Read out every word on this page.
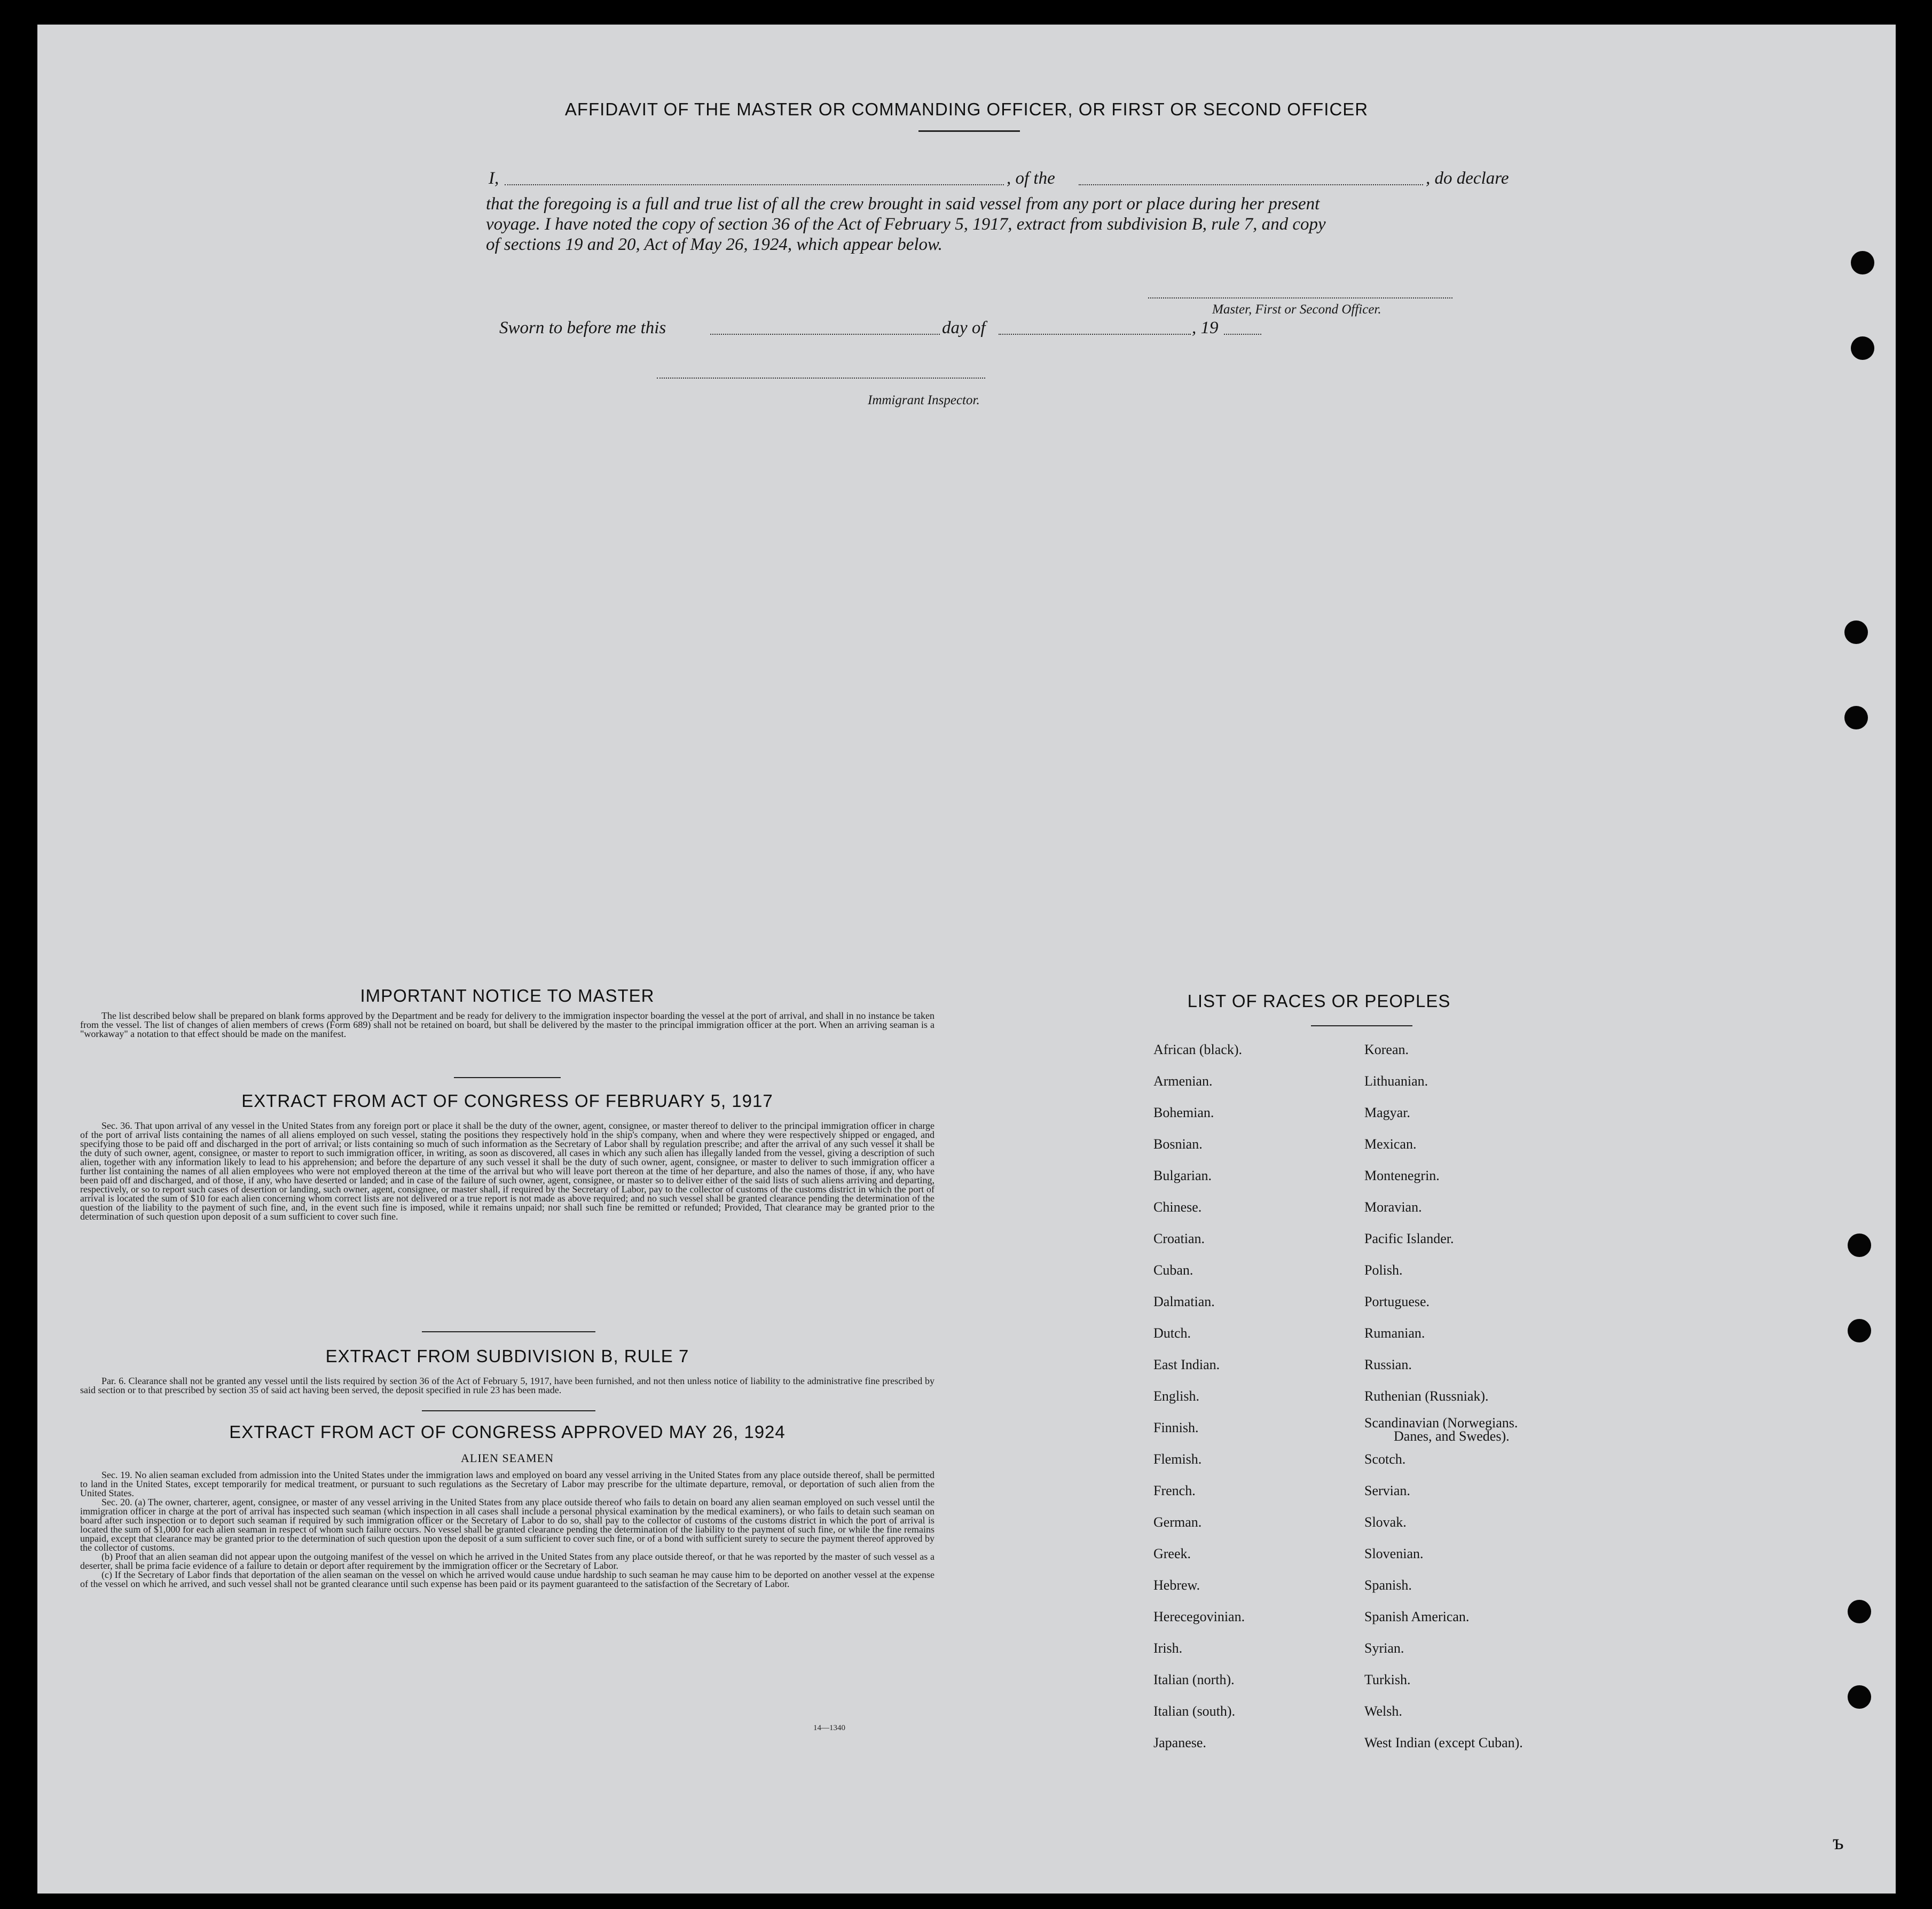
AFFIDAVIT OF THE MASTER OR COMMANDING OFFICER, OR FIRST OR SECOND OFFICER
I,	, of the	, do declare
that the foregoing is a full and true list of all the crew brought in said vessel from any port or place during her present
voyage. I have noted the copy of section 36 of the Act of February 5, 1917, extract from subdivision B, rule 7, and copy
of sections 19 and 20, Act of May 26, 1924, which appear below.
Master, First or Second Officer.
Sworn to before me this	day of	, 19
Immigrant Inspector.
IMPORTANT NOTICE TO MASTER

The list described below shall be prepared on blank forms approved by the Department and be ready for delivery to the immigration inspector boarding the vessel at the port of arrival, and shall in no instance be taken from the vessel. The list of changes of alien members of crews (Form 689) shall not be retained on board, but shall be delivered by the master to the principal immigration officer at the port. When an arriving seaman is a "workaway" a notation to that effect should be made on the manifest.

EXTRACT FROM ACT OF CONGRESS OF FEBRUARY 5, 1917

Sec. 36. That upon arrival of any vessel in the United States from any foreign port or place it shall be the duty of the owner, agent, consignee, or master thereof to deliver to the principal immigration officer in charge of the port of arrival lists containing the names of all aliens employed on such vessel, stating the positions they respectively hold in the ship's company, when and where they were respectively shipped or engaged, and specifying those to be paid off and discharged in the port of arrival; or lists containing so much of such information as the Secretary of Labor shall by regulation prescribe; and after the arrival of any such vessel it shall be the duty of such owner, agent, consignee, or master to report to such immigration officer, in writing, as soon as discovered, all cases in which any such alien has illegally landed from the vessel, giving a description of such alien, together with any information likely to lead to his apprehension; and before the departure of any such vessel it shall be the duty of such owner, agent, consignee, or master to deliver to such immigration officer a further list containing the names of all alien employees who were not employed thereon at the time of the arrival but who will leave port thereon at the time of her departure, and also the names of those, if any, who have been paid off and discharged, and of those, if any, who have deserted or landed; and in case of the failure of such owner, agent, consignee, or master so to deliver either of the said lists of such aliens arriving and departing, respectively, or so to report such cases of desertion or landing, such owner, agent, consignee, or master shall, if required by the Secretary of Labor, pay to the collector of customs of the customs district in which the port of arrival is located the sum of $10 for each alien concerning whom correct lists are not delivered or a true report is not made as above required; and no such vessel shall be granted clearance pending the determination of the question of the liability to the payment of such fine, and, in the event such fine is imposed, while it remains unpaid; nor shall such fine be remitted or refunded; Provided, That clearance may be granted prior to the determination of such question upon deposit of a sum sufficient to cover such fine.

EXTRACT FROM SUBDIVISION B, RULE 7

Par. 6. Clearance shall not be granted any vessel until the lists required by section 36 of the Act of February 5, 1917, have been furnished, and not then unless notice of liability to the administrative fine prescribed by said section or to that prescribed by section 35 of said act having been served, the deposit specified in rule 23 has been made.

EXTRACT FROM ACT OF CONGRESS APPROVED MAY 26, 1924
ALIEN SEAMEN

Sec. 19. No alien seaman excluded from admission into the United States under the immigration laws and employed on board any vessel arriving in the United States from any place outside thereof, shall be permitted to land in the United States, except temporarily for medical treatment, or pursuant to such regulations as the Secretary of Labor may prescribe for the ultimate departure, removal, or deportation of such alien from the United States.

Sec. 20. (a) The owner, charterer, agent, consignee, or master of any vessel arriving in the United States from any place outside thereof who fails to detain on board any alien seaman employed on such vessel until the immigration officer in charge at the port of arrival has inspected such seaman (which inspection in all cases shall include a personal physical examination by the medical examiners), or who fails to detain such seaman on board after such inspection or to deport such seaman if required by such immigration officer or the Secretary of Labor to do so, shall pay to the collector of customs of the customs district in which the port of arrival is located the sum of $1,000 for each alien seaman in respect of whom such failure occurs. No vessel shall be granted clearance pending the determination of the liability to the payment of such fine, or while the fine remains unpaid, except that clearance may be granted prior to the determination of such question upon the deposit of a sum sufficient to cover such fine, or of a bond with sufficient surety to secure the payment thereof approved by the collector of customs.

(b) Proof that an alien seaman did not appear upon the outgoing manifest of the vessel on which he arrived in the United States from any place outside thereof, or that he was reported by the master of such vessel as a deserter, shall be prima facie evidence of a failure to detain or deport after requirement by the immigration officer or the Secretary of Labor.

(c) If the Secretary of Labor finds that deportation of the alien seaman on the vessel on which he arrived would cause undue hardship to such seaman he may cause him to be deported on another vessel at the expense of the vessel on which he arrived, and such vessel shall not be granted clearance until such expense has been paid or its payment guaranteed to the satisfaction of the Secretary of Labor.

14—1340
LIST OF RACES OR PEOPLES
African (black).
Armenian.
Bohemian.
Bosnian.
Bulgarian.
Chinese.
Croatian.
Cuban.
Dalmatian.
Dutch.
East Indian.
English.
Finnish.
Flemish.
French.
German.
Greek.
Hebrew.
Herecegovinian.
Irish.
Italian (north).
Italian (south).
Japanese.
Korean.
Lithuanian.
Magyar.
Mexican.
Montenegrin.
Moravian.
Pacific Islander.
Polish.
Portuguese.
Rumanian.
Russian.
Ruthenian (Russniak).
Scandinavian (Norwegians.
Danes, and Swedes).
Scotch.
Servian.
Slovak.
Slovenian.
Spanish.
Spanish American.
Syrian.
Turkish.
Welsh.
West Indian (except Cuban).
ъ
